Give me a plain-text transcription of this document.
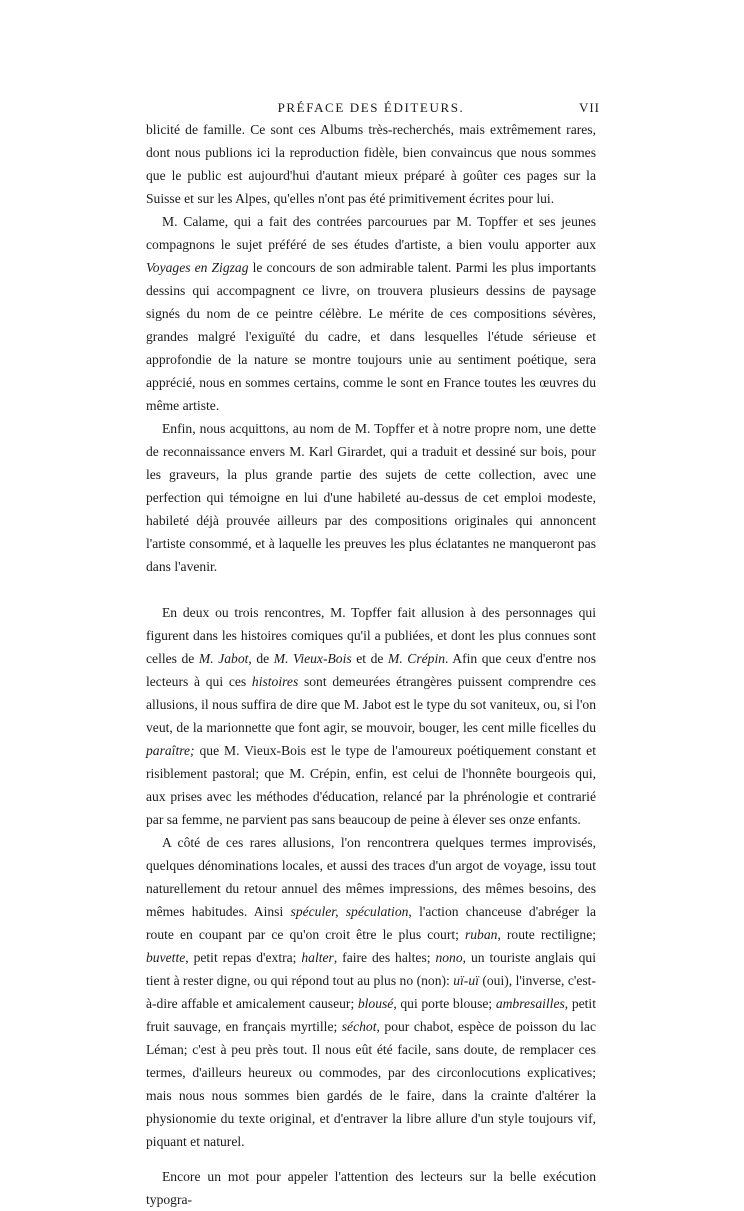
PRÉFACE DES ÉDITEURS.	VII

blicité de famille. Ce sont ces Albums très-recherchés, mais extrêmement rares, dont nous publions ici la reproduction fidèle, bien convaincus que nous sommes que le public est aujourd'hui d'autant mieux préparé à goûter ces pages sur la Suisse et sur les Alpes, qu'elles n'ont pas été primitivement écrites pour lui.

M. Calame, qui a fait des contrées parcourues par M. Topffer et ses jeunes compagnons le sujet préféré de ses études d'artiste, a bien voulu apporter aux Voyages en Zigzag le concours de son admirable talent. Parmi les plus importants dessins qui accompagnent ce livre, on trouvera plusieurs dessins de paysage signés du nom de ce peintre célèbre. Le mérite de ces compositions sévères, grandes malgré l'exiguïté du cadre, et dans lesquelles l'étude sérieuse et approfondie de la nature se montre toujours unie au sentiment poétique, sera apprécié, nous en sommes certains, comme le sont en France toutes les œuvres du même artiste.

Enfin, nous acquittons, au nom de M. Topffer et à notre propre nom, une dette de reconnaissance envers M. Karl Girardet, qui a traduit et dessiné sur bois, pour les graveurs, la plus grande partie des sujets de cette collection, avec une perfection qui témoigne en lui d'une habileté au-dessus de cet emploi modeste, habileté déjà prouvée ailleurs par des compositions originales qui annoncent l'artiste consommé, et à laquelle les preuves les plus éclatantes ne manqueront pas dans l'avenir.

En deux ou trois rencontres, M. Topffer fait allusion à des personnages qui figurent dans les histoires comiques qu'il a publiées, et dont les plus connues sont celles de M. Jabot, de M. Vieux-Bois et de M. Crépin. Afin que ceux d'entre nos lecteurs à qui ces histoires sont demeurées étrangères puissent comprendre ces allusions, il nous suffira de dire que M. Jabot est le type du sot vaniteux, ou, si l'on veut, de la marionnette que font agir, se mouvoir, bouger, les cent mille ficelles du paraître; que M. Vieux-Bois est le type de l'amoureux poétiquement constant et risiblement pastoral; que M. Crépin, enfin, est celui de l'honnête bourgeois qui, aux prises avec les méthodes d'éducation, relancé par la phrénologie et contrarié par sa femme, ne parvient pas sans beaucoup de peine à élever ses onze enfants.

A côté de ces rares allusions, l'on rencontrera quelques termes improvisés, quelques dénominations locales, et aussi des traces d'un argot de voyage, issu tout naturellement du retour annuel des mêmes impressions, des mêmes besoins, des mêmes habitudes. Ainsi spéculer, spéculation, l'action chanceuse d'abréger la route en coupant par ce qu'on croit être le plus court; ruban, route rectiligne; buvette, petit repas d'extra; halter, faire des haltes; nono, un touriste anglais qui tient à rester digne, ou qui répond tout au plus no (non): uï-uï (oui), l'inverse, c'est-à-dire affable et amicalement causeur; blousé, qui porte blouse; ambresailles, petit fruit sauvage, en français myrtille; séchot, pour chabot, espèce de poisson du lac Léman; c'est à peu près tout. Il nous eût été facile, sans doute, de remplacer ces termes, d'ailleurs heureux ou commodes, par des circonlocutions explicatives; mais nous nous sommes bien gardés de le faire, dans la crainte d'altérer la physionomie du texte original, et d'entraver la libre allure d'un style toujours vif, piquant et naturel.

Encore un mot pour appeler l'attention des lecteurs sur la belle exécution typogra-
